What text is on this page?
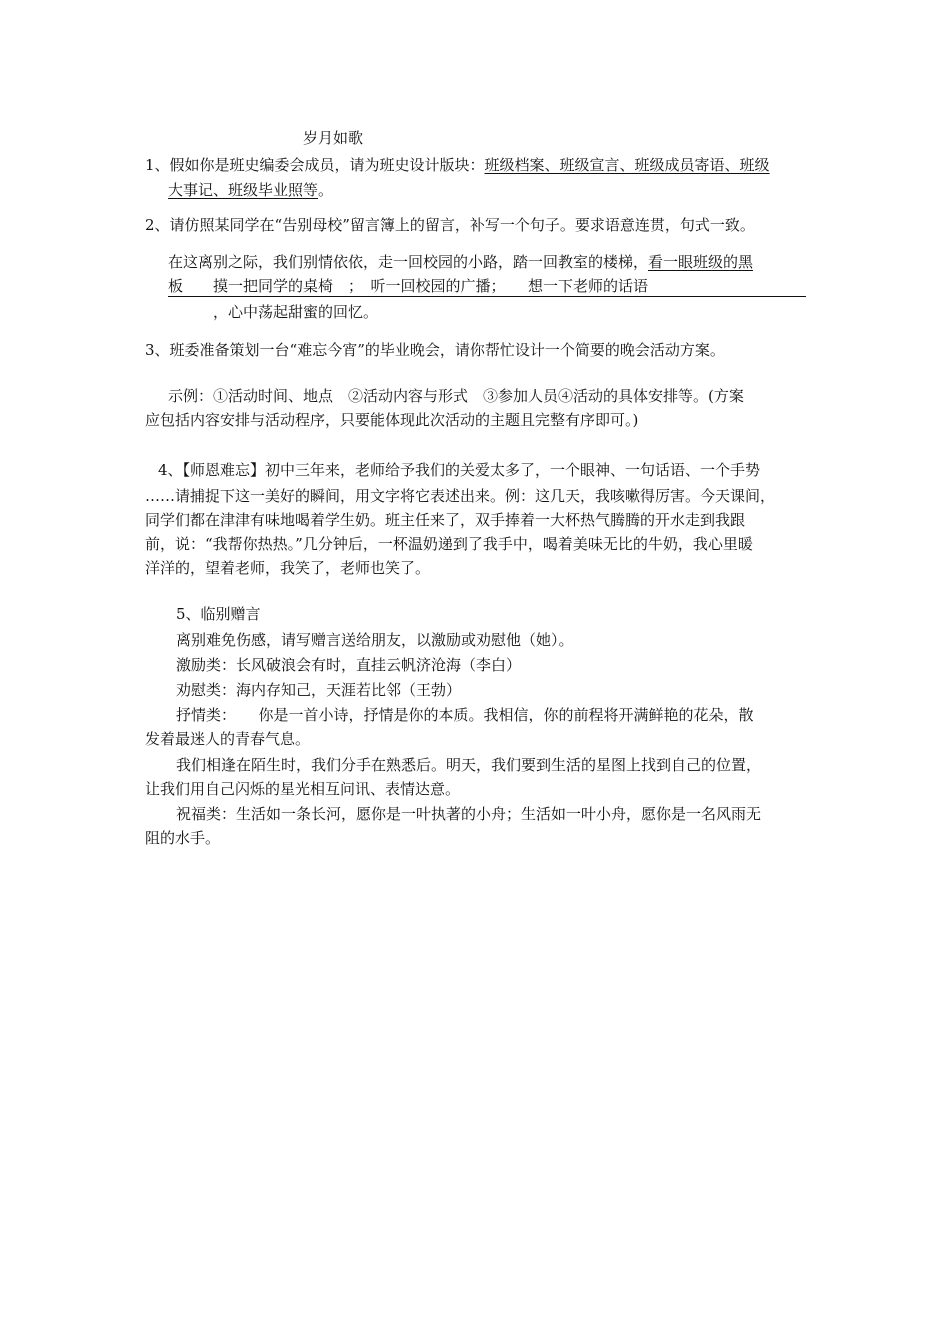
岁月如歌
1、假如你是班史编委会成员，请为班史设计版块：班级档案、班级宣言、班级成员寄语、班级
大事记、班级毕业照等。
2、请仿照某同学在“告别母校”留言簿上的留言，补写一个句子。要求语意连贯，句式一致。
在这离别之际，我们别情依依，走一回校园的小路，踏一回教室的楼梯，看一眼班级的黑
板　　摸一把同学的桌椅　；　听一回校园的广播；　　想一下老师的话语
，心中荡起甜蜜的回忆。
3、班委准备策划一台“难忘今宵”的毕业晚会，请你帮忙设计一个简要的晚会活动方案。
示例：①活动时间、地点　②活动内容与形式　③参加人员④活动的具体安排等。(方案
应包括内容安排与活动程序，只要能体现此次活动的主题且完整有序即可。)
4、【师恩难忘】初中三年来，老师给予我们的关爱太多了，一个眼神、一句话语、一个手势
……请捕捉下这一美好的瞬间，用文字将它表述出来。例：这几天，我咳嗽得厉害。今天课间，
同学们都在津津有味地喝着学生奶。班主任来了，双手捧着一大杯热气腾腾的开水走到我跟
前，说：“我帮你热热。”几分钟后，一杯温奶递到了我手中，喝着美味无比的牛奶，我心里暖
洋洋的，望着老师，我笑了，老师也笑了。
5、临别赠言
离别难免伤感，请写赠言送给朋友，以激励或劝慰他（她）。
激励类：长风破浪会有时，直挂云帆济沧海（李白）
劝慰类：海内存知己，天涯若比邻（王勃）
抒情类：　　你是一首小诗，抒情是你的本质。我相信，你的前程将开满鲜艳的花朵，散
发着最迷人的青春气息。
我们相逢在陌生时，我们分手在熟悉后。明天，我们要到生活的星图上找到自己的位置，
让我们用自己闪烁的星光相互问讯、表情达意。
祝福类：生活如一条长河，愿你是一叶执著的小舟；生活如一叶小舟，愿你是一名风雨无
阻的水手。
